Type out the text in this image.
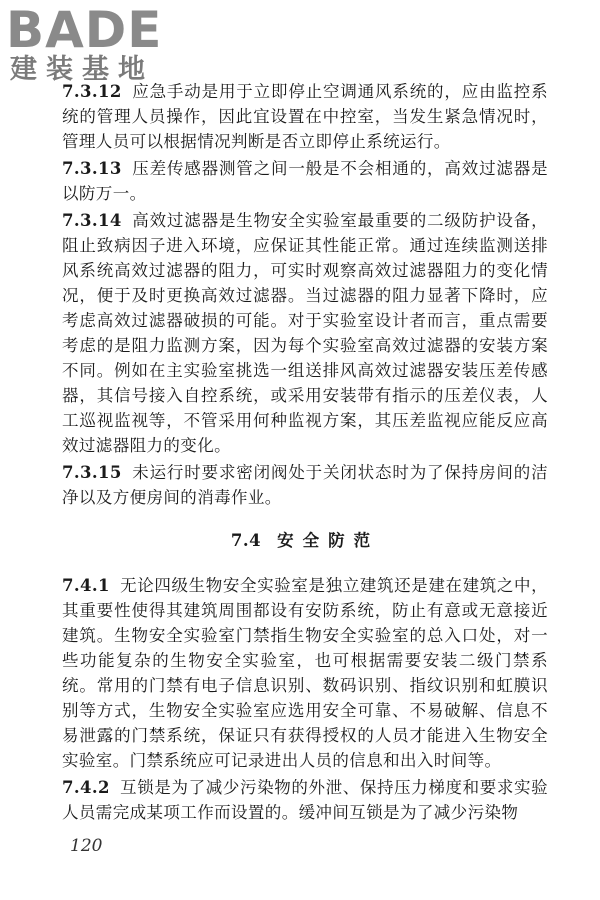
BADE
建装基地

7.3.12 应急手动是用于立即停止空调通风系统的，应由监控系统的管理人员操作，因此宜设置在中控室，当发生紧急情况时，管理人员可以根据情况判断是否立即停止系统运行。

7.3.13 压差传感器测管之间一般是不会相通的，高效过滤器是以防万一。

7.3.14 高效过滤器是生物安全实验室最重要的二级防护设备，阻止致病因子进入环境，应保证其性能正常。通过连续监测送排风系统高效过滤器的阻力，可实时观察高效过滤器阻力的变化情况，便于及时更换高效过滤器。当过滤器的阻力显著下降时，应考虑高效过滤器破损的可能。对于实验室设计者而言，重点需要考虑的是阻力监测方案，因为每个实验室高效过滤器的安装方案不同。例如在主实验室挑选一组送排风高效过滤器安装压差传感器，其信号接入自控系统，或采用安装带有指示的压差仪表，人工巡视监视等，不管采用何种监视方案，其压差监视应能反应高效过滤器阻力的变化。

7.3.15 未运行时要求密闭阀处于关闭状态时为了保持房间的洁净以及方便房间的消毒作业。

7.4 安全防范

7.4.1 无论四级生物安全实验室是独立建筑还是建在建筑之中，其重要性使得其建筑周围都设有安防系统，防止有意或无意接近建筑。生物安全实验室门禁指生物安全实验室的总入口处，对一些功能复杂的生物安全实验室，也可根据需要安装二级门禁系统。常用的门禁有电子信息识别、数码识别、指纹识别和虹膜识别等方式，生物安全实验室应选用安全可靠、不易破解、信息不易泄露的门禁系统，保证只有获得授权的人员才能进入生物安全实验室。门禁系统应可记录进出人员的信息和出入时间等。

7.4.2 互锁是为了减少污染物的外泄、保持压力梯度和要求实验人员需完成某项工作而设置的。缓冲间互锁是为了减少污染物

120
